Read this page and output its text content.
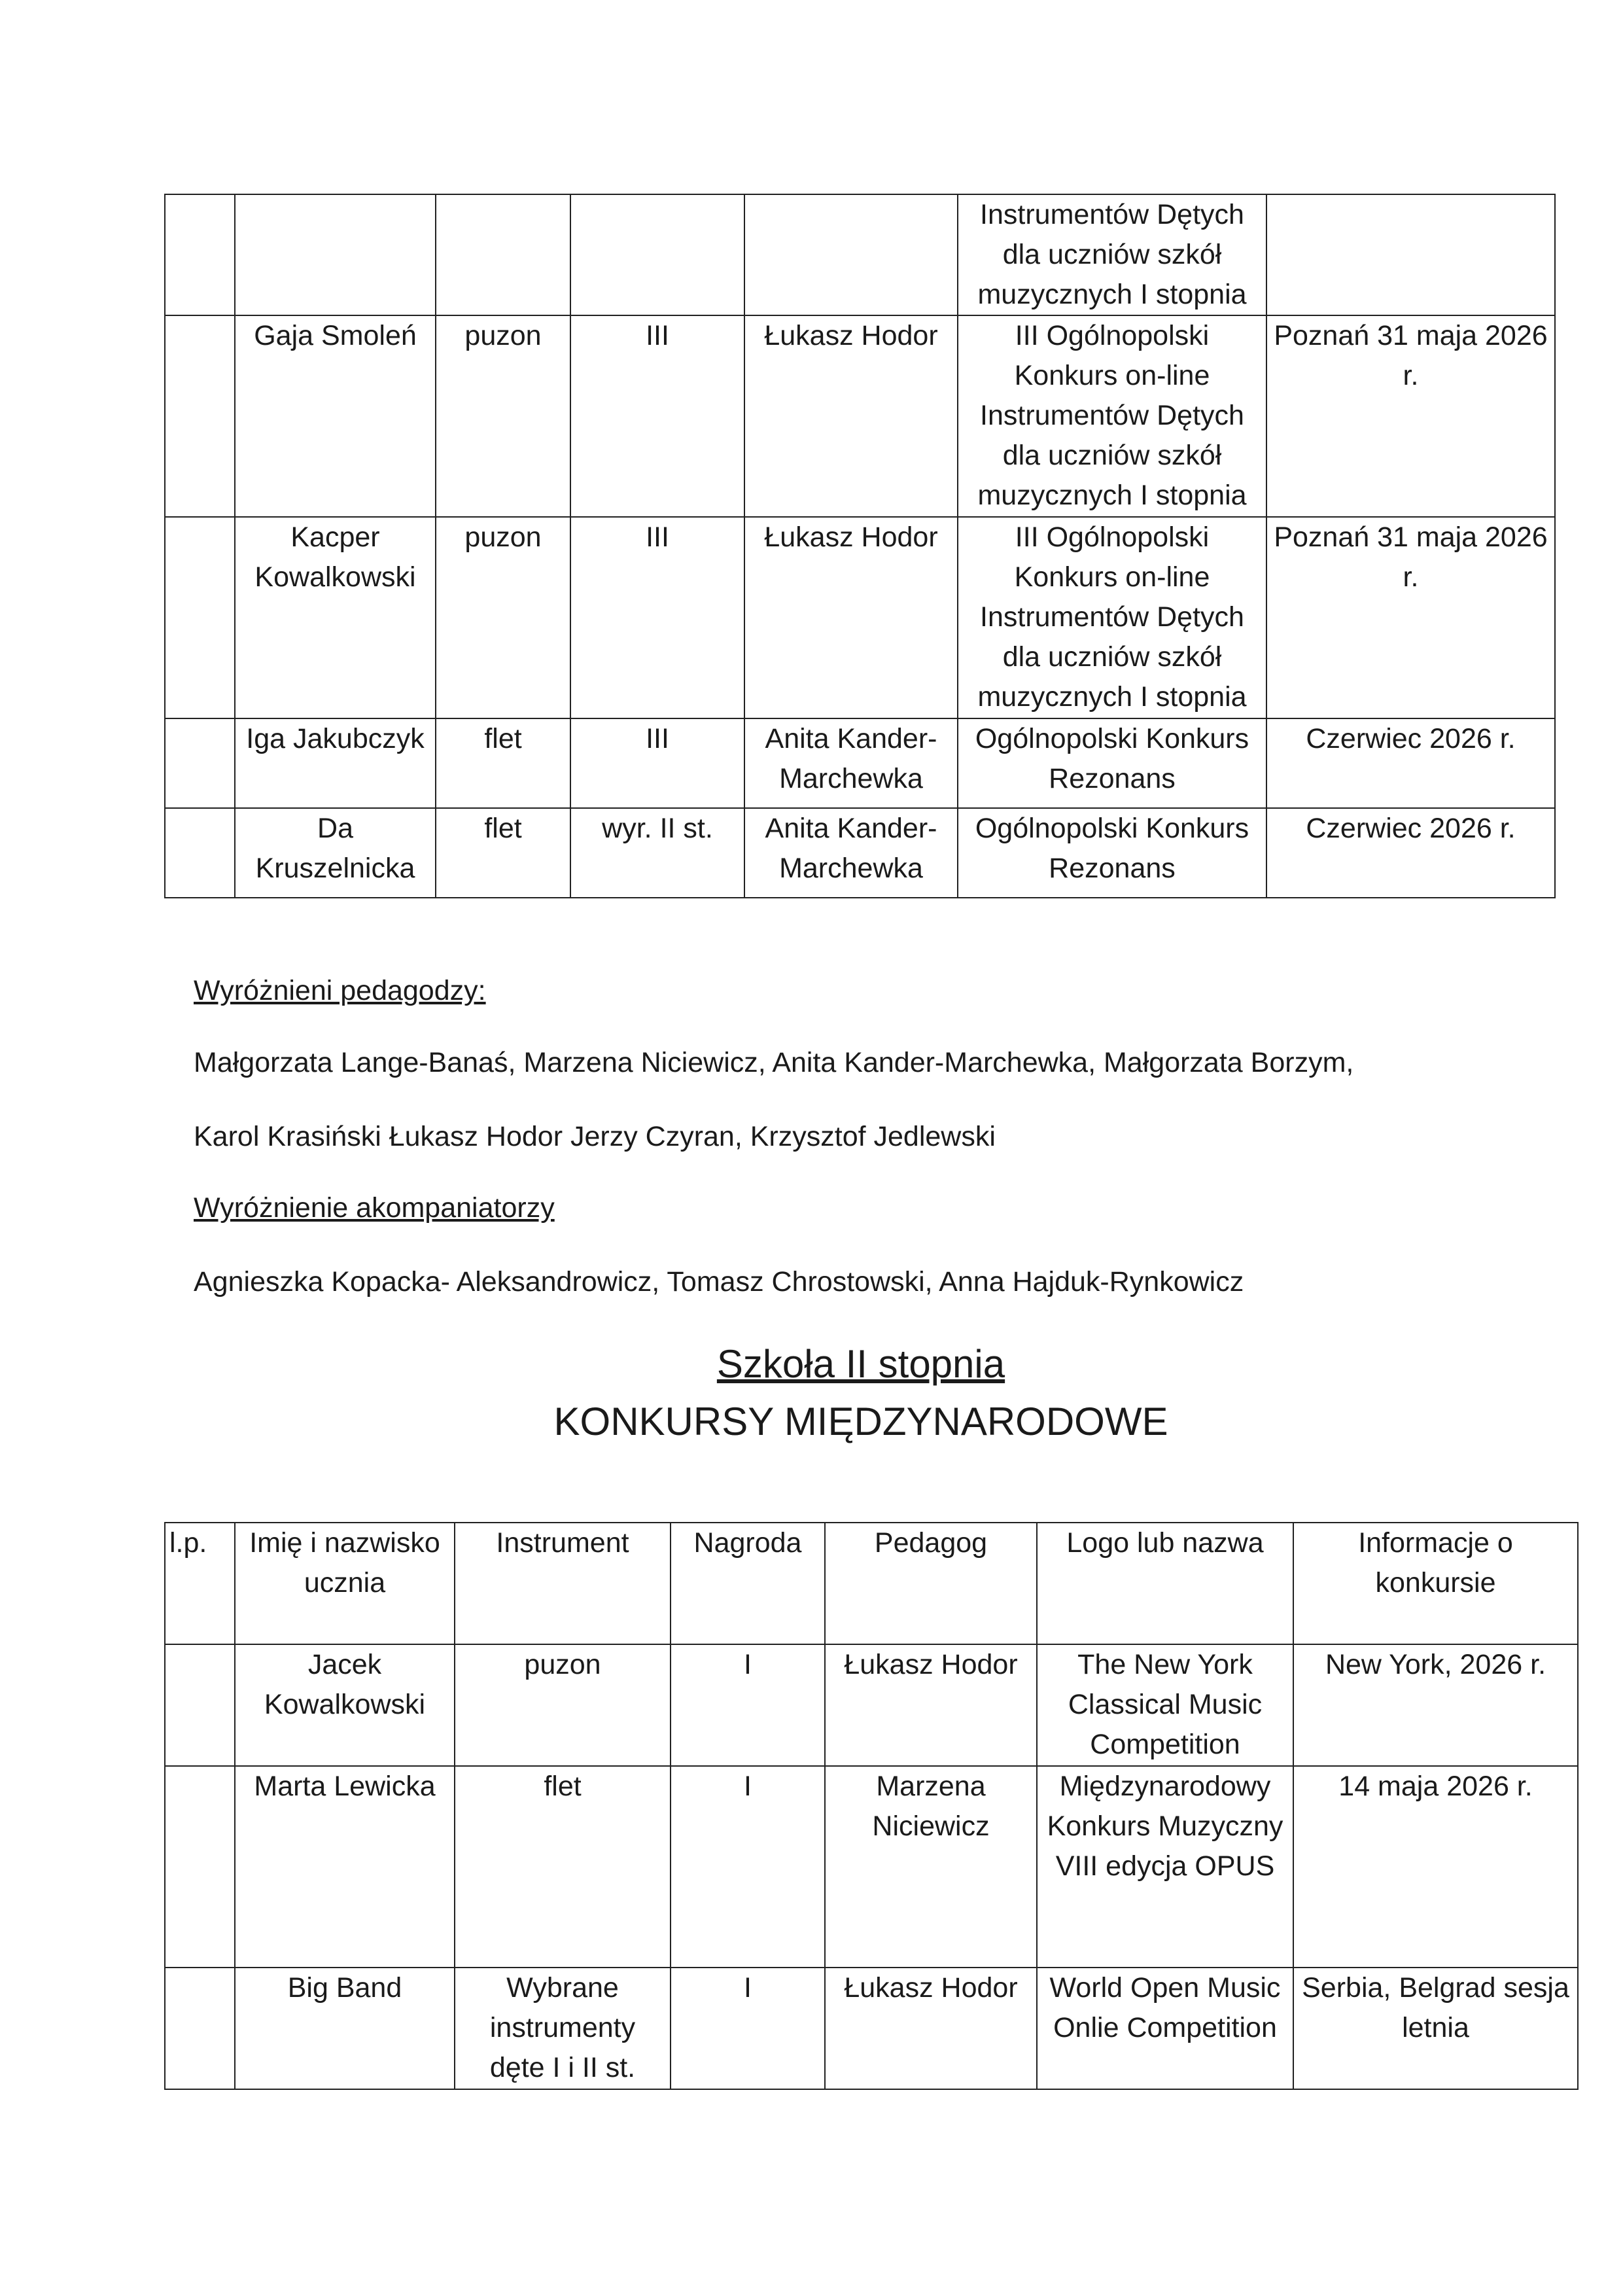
					Instrumentów Dętych dla uczniów szkół muzycznych I stopnia	
	Gaja Smoleń	puzon	III	Łukasz Hodor	III Ogólnopolski Konkurs on-line Instrumentów Dętych dla uczniów szkół muzycznych I stopnia	Poznań 31 maja 2026 r.
	Kacper Kowalkowski	puzon	III	Łukasz Hodor	III Ogólnopolski Konkurs on-line Instrumentów Dętych dla uczniów szkół muzycznych I stopnia	Poznań 31 maja 2026 r.
	Iga Jakubczyk	flet	III	Anita Kander-Marchewka	Ogólnopolski Konkurs Rezonans	Czerwiec 2026 r.
	Da Kruszelnicka	flet	wyr. II st.	Anita Kander-Marchewka	Ogólnopolski Konkurs Rezonans	Czerwiec 2026 r.

Wyróżnieni pedagodzy:

Małgorzata Lange-Banaś, Marzena Niciewicz, Anita Kander-Marchewka, Małgorzata Borzym,

Karol Krasiński Łukasz Hodor Jerzy Czyran, Krzysztof Jedlewski

Wyróżnienie akompaniatorzy

Agnieszka Kopacka- Aleksandrowicz, Tomasz Chrostowski, Anna Hajduk-Rynkowicz

Szkoła II stopnia

KONKURSY MIĘDZYNARODOWE

l.p.	Imię i nazwisko ucznia	Instrument	Nagroda	Pedagog	Logo lub nazwa	Informacje o konkursie
	Jacek Kowalkowski	puzon	I	Łukasz Hodor	The New York Classical Music Competition	New York, 2026 r.
	Marta Lewicka	flet	I	Marzena Niciewicz	Międzynarodowy Konkurs Muzyczny VIII edycja OPUS	14 maja 2026 r.
	Big Band	Wybrane instrumenty dęte I i II st.	I	Łukasz Hodor	World Open Music Onlie Competition	Serbia, Belgrad sesja letnia
